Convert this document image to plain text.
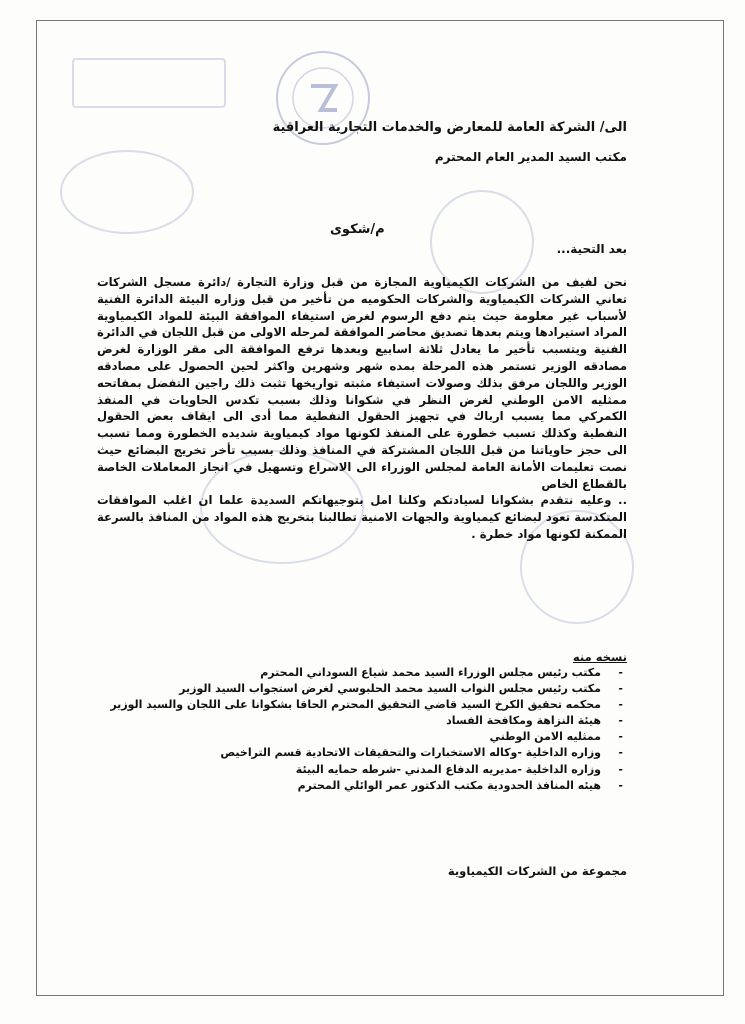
الى/ الشركة العامة للمعارض والخدمات التجارية العراقية
مكتب السيد المدير العام المحترم
م/شكوى
بعد التحية...

نحن لفيف من الشركات الكيمياوية المجازة من قبل وزارة التجارة /دائرة مسجل الشركات تعاني الشركات الكيمياوية والشركات الحكوميه من تأخير من قبل وزاره البيئة الدائرة الفنية لأسباب غير معلومة حيث يتم دفع الرسوم لغرض استيفاء الموافقة البيئة للمواد الكيمياوية المراد استيرادها ويتم بعدها تصديق محاضر الموافقة لمرحله الاولى من قبل اللجان في الدائرة الفنية ويتسبب تأخير ما يعادل ثلاثة اسابيع وبعدها ترفع الموافقة الى مقر الوزارة لغرض مصادقه الوزير تستمر هذه المرحلة بمده شهر وشهرين واكثر لحين الحصول على مصادقه الوزير واللجان مرفق بذلك وصولات استيفاء مثبته تواريخها تثبت ذلك راجين التفضل بمفاتحه ممثليه الامن الوطني لغرض النظر في شكوانا وذلك بسبب تكدس الحاويات في المنفذ الكمركي مما يسبب ارباك في تجهيز الحقول النفطية مما أدى الى ايقاف بعض الحقول النفطية وكذلك تسبب خطورة على المنفذ لكونها مواد كيمياوية شديده الخطورة ومما تسبب الى حجز حاوياتنا من قبل اللجان المشتركة في المنافذ وذلك بسبب تأخر تخريج البضائع حيث نصت تعليمات الأمانة العامة لمجلس الوزراء الى الاسراع وتسهيل في انجاز المعاملات الخاصة بالقطاع الخاص

.. وعليه نتقدم بشكوانا لسيادتكم وكلنا امل بتوجيهاتكم السديدة علما ان اغلب الموافقات المتكدسة تعود لبضائع كيمياوية والجهات الامنية تطالبنا بتخريج هذه المواد من المنافذ بالسرعة الممكنة لكونها مواد خطرة .

نسخه منه
- مكتب رئيس مجلس الوزراء السيد محمد شياع السوداني المحترم
- مكتب رئيس مجلس النواب السيد محمد الحلبوسي لغرض استجواب السيد الوزير
- محكمه تحقيق الكرخ السيد قاضي التحقيق المحترم الحاقا بشكوانا على اللجان والسيد الوزير
- هيئة النزاهة ومكافحة الفساد
- ممثليه الامن الوطني
- وزاره الداخلية -وكاله الاستخبارات والتحقيقات الاتحادية قسم التراخيص
- وزاره الداخلية -مديريه الدفاع المدني -شرطه حمايه البيئة
- هيئه المنافذ الحدودية مكتب الدكتور عمر الوائلي المحترم
مجموعة من الشركات الكيمياوية
